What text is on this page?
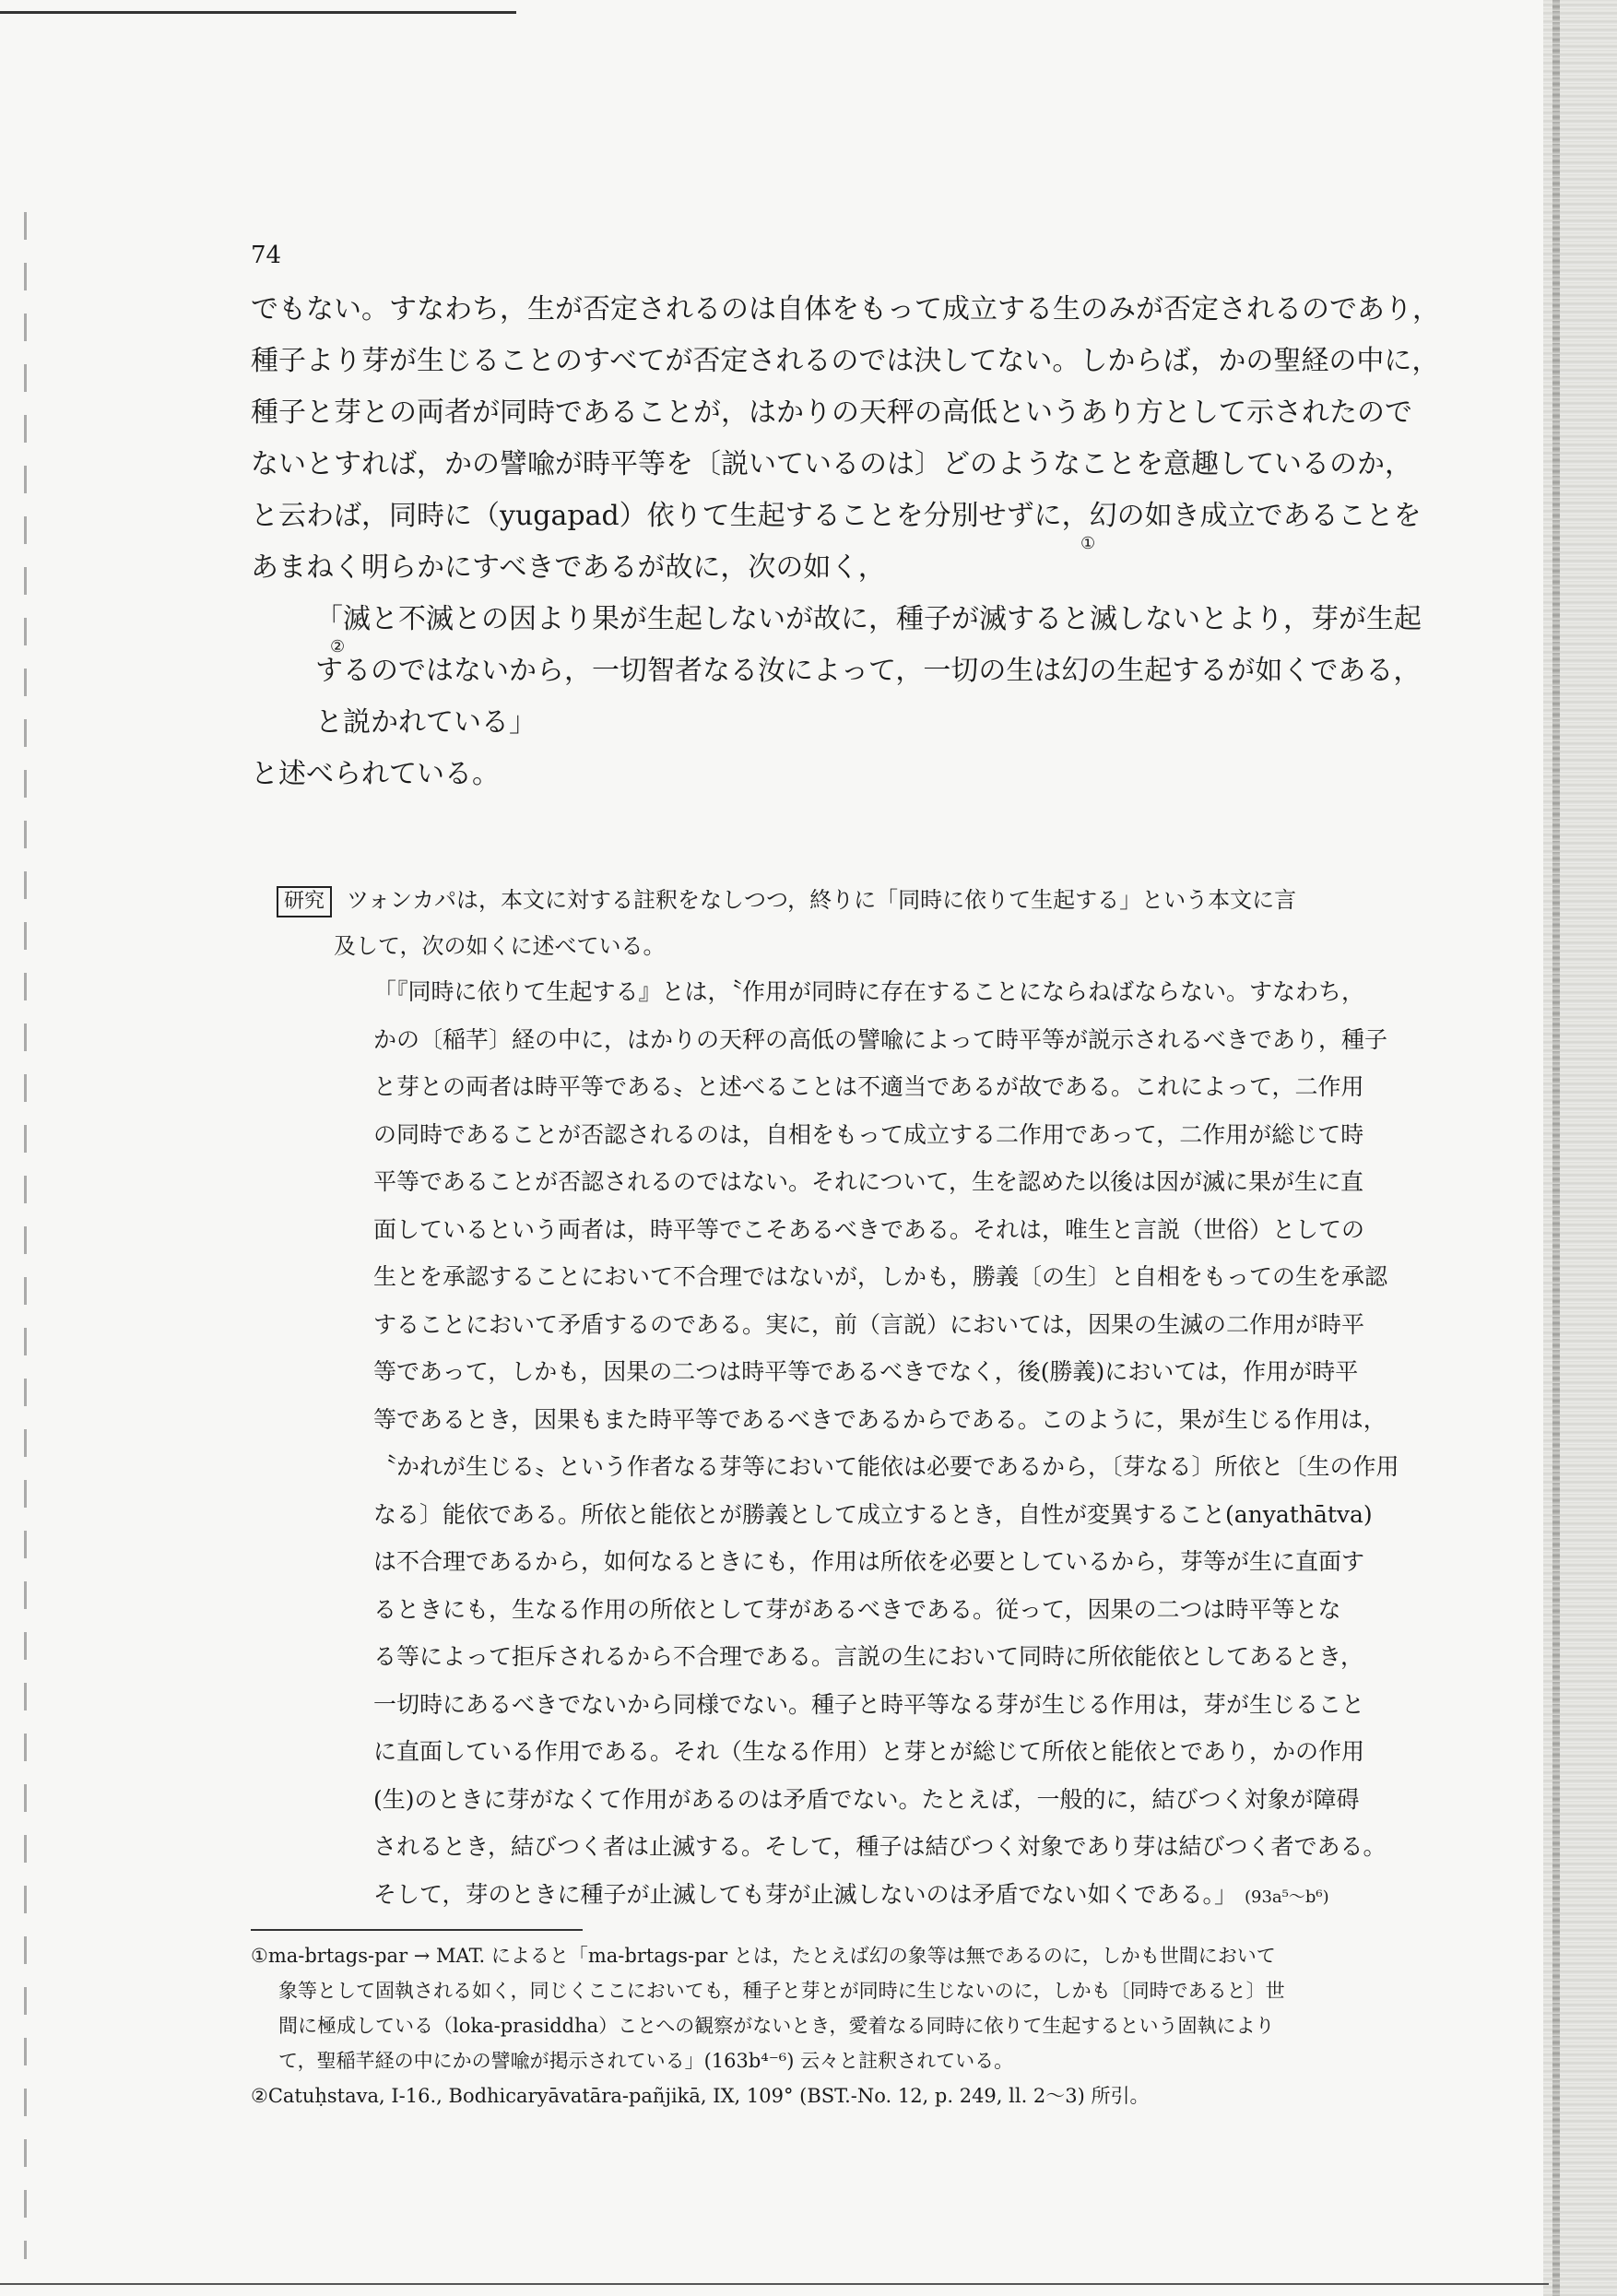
74
でもない。すなわち，生が否定されるのは自体をもって成立する生のみが否定されるのであり，
種子より芽が生じることのすべてが否定されるのでは決してない。しからば，かの聖経の中に，
種子と芽との両者が同時であることが，はかりの天秤の高低というあり方として示されたので
ないとすれば，かの譬喩が時平等を〔説いているのは〕どのようなことを意趣しているのか，
と云わば，同時に（yugapad）依りて生起することを分別せずに，幻の如き成立であることを
①
あまねく明らかにすべきであるが故に，次の如く，
「滅と不滅との因より果が生起しないが故に，種子が滅すると滅しないとより，芽が生起
②
するのではないから，一切智者なる汝によって，一切の生は幻の生起するが如くである，
と説かれている」
と述べられている。
研究 ツォンカパは，本文に対する註釈をなしつつ，終りに「同時に依りて生起する」という本文に言
及して，次の如くに述べている。
「『同時に依りて生起する』とは，〝作用が同時に存在することにならねばならない。すなわち，
かの〔稲芊〕経の中に，はかりの天秤の高低の譬喩によって時平等が説示されるべきであり，種子
と芽との両者は時平等である〟と述べることは不適当であるが故である。これによって，二作用
の同時であることが否認されるのは，自相をもって成立する二作用であって，二作用が総じて時
平等であることが否認されるのではない。それについて，生を認めた以後は因が滅に果が生に直
面しているという両者は，時平等でこそあるべきである。それは，唯生と言説（世俗）としての
生とを承認することにおいて不合理ではないが，しかも，勝義〔の生〕と自相をもっての生を承認
することにおいて矛盾するのである。実に，前（言説）においては，因果の生滅の二作用が時平
等であって，しかも，因果の二つは時平等であるべきでなく，後(勝義)においては，作用が時平
等であるとき，因果もまた時平等であるべきであるからである。このように，果が生じる作用は，
〝かれが生じる〟という作者なる芽等において能依は必要であるから，〔芽なる〕所依と〔生の作用
なる〕能依である。所依と能依とが勝義として成立するとき，自性が変異すること(anyathātva)
は不合理であるから，如何なるときにも，作用は所依を必要としているから，芽等が生に直面す
るときにも，生なる作用の所依として芽があるべきである。従って，因果の二つは時平等とな
る等によって拒斥されるから不合理である。言説の生において同時に所依能依としてあるとき，
一切時にあるべきでないから同様でない。種子と時平等なる芽が生じる作用は，芽が生じること
に直面している作用である。それ（生なる作用）と芽とが総じて所依と能依とであり，かの作用
(生)のときに芽がなくて作用があるのは矛盾でない。たとえば，一般的に，結びつく対象が障碍
されるとき，結びつく者は止滅する。そして，種子は結びつく対象であり芽は結びつく者である。
そして，芽のときに種子が止滅しても芽が止滅しないのは矛盾でない如くである。」 (93a⁵～b⁶)
①ma-brtags-par → MAT. によると「ma-brtags-par とは，たとえば幻の象等は無であるのに，しかも世間において
象等として固執される如く，同じくここにおいても，種子と芽とが同時に生じないのに，しかも〔同時であると〕世
間に極成している（loka-prasiddha）ことへの観察がないとき，愛着なる同時に依りて生起するという固執により
て，聖稲芊経の中にかの譬喩が掲示されている」(163b⁴⁻⁶) 云々と註釈されている。
②Catuḥstava, I-16., Bodhicaryāvatāra-pañjikā, IX, 109° (BST.-No. 12, p. 249, ll. 2～3) 所引。
